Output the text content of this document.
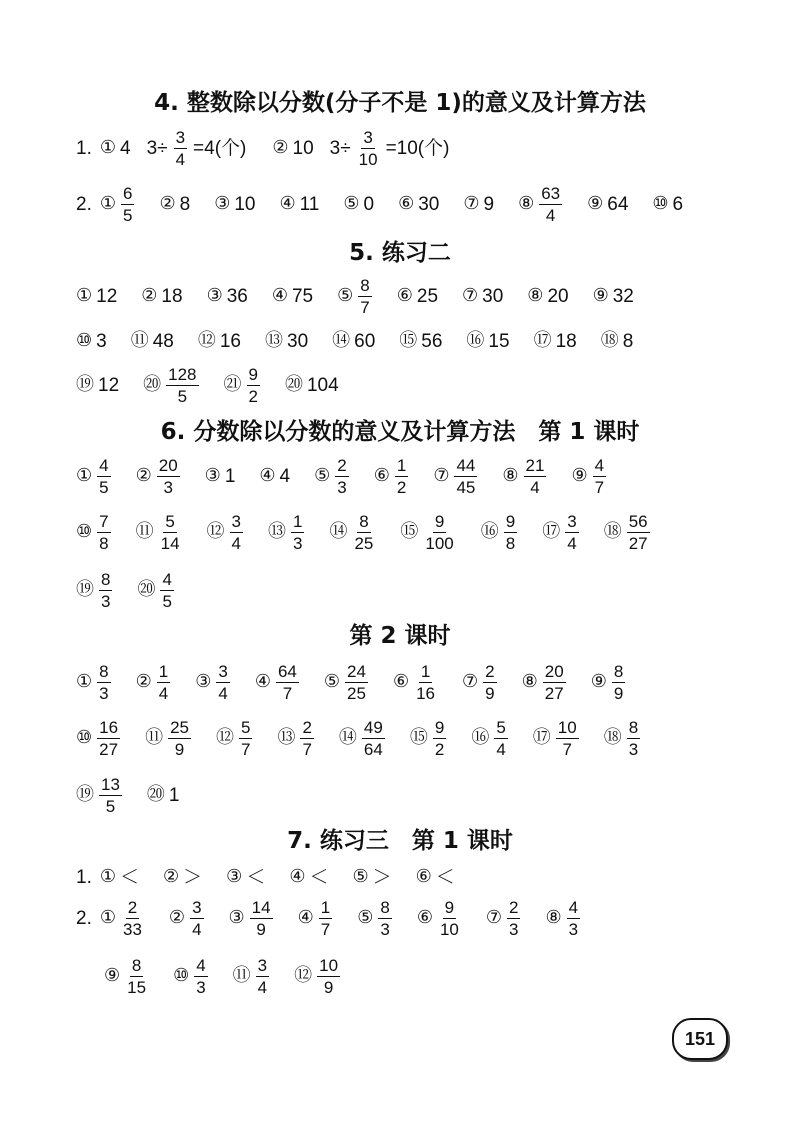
4. 整数除以分数(分子不是 1)的意义及计算方法
1. ① 4 $3\div \frac{3}{4} =4$(个) ② 10 $3\div \frac{3}{10} =10$(个)
2. ① $\frac{6}{5}$ ② 8 ③ 10 ④ 11 ⑤ 0 ⑥ 30 ⑦ 9 ⑧ $\frac{63}{4}$ ⑨ 64 ⑩ 6
5. 练习二
① 12 ② 18 ③ 36 ④ 75 ⑤ $\frac{8}{7}$ ⑥ 25 ⑦ 30 ⑧ 20 ⑨ 32
⑩ 3 ⑪ 48 ⑫ 16 ⑬ 30 ⑭ 60 ⑮ 56 ⑯ 15 ⑰ 18 ⑱ 8
⑲ 12 ⑳ $\frac{128}{5}$ ㉑ $\frac{9}{2}$ ⑳ 104
6. 分数除以分数的意义及计算方法　第 1 课时
① $\frac{4}{5}$ ② $\frac{20}{3}$ ③ 1 ④ 4 ⑤ $\frac{2}{3}$ ⑥ $\frac{1}{2}$ ⑦ $\frac{44}{45}$ ⑧ $\frac{21}{4}$ ⑨ $\frac{4}{7}$
⑩ $\frac{7}{8}$ ⑪ $\frac{5}{14}$ ⑫ $\frac{3}{4}$ ⑬ $\frac{1}{3}$ ⑭ $\frac{8}{25}$ ⑮ $\frac{9}{100}$ ⑯ $\frac{9}{8}$ ⑰ $\frac{3}{4}$ ⑱ $\frac{56}{27}$
⑲ $\frac{8}{3}$ ⑳ $\frac{4}{5}$
第 2 课时
① $\frac{8}{3}$ ② $\frac{1}{4}$ ③ $\frac{3}{4}$ ④ $\frac{64}{7}$ ⑤ $\frac{24}{25}$ ⑥ $\frac{1}{16}$ ⑦ $\frac{2}{9}$ ⑧ $\frac{20}{27}$ ⑨ $\frac{8}{9}$
⑩ $\frac{16}{27}$ ⑪ $\frac{25}{9}$ ⑫ $\frac{5}{7}$ ⑬ $\frac{2}{7}$ ⑭ $\frac{49}{64}$ ⑮ $\frac{9}{2}$ ⑯ $\frac{5}{4}$ ⑰ $\frac{10}{7}$ ⑱ $\frac{8}{3}$
⑲ $\frac{13}{5}$ ⑳ 1
7. 练习三　第 1 课时
1. ① ＜ ② ＞ ③ ＜ ④ ＜ ⑤ ＞ ⑥ ＜
2. ① $\frac{2}{33}$ ② $\frac{3}{4}$ ③ $\frac{14}{9}$ ④ $\frac{1}{7}$ ⑤ $\frac{8}{3}$ ⑥ $\frac{9}{10}$ ⑦ $\frac{2}{3}$ ⑧ $\frac{4}{3}$
⑨ $\frac{8}{15}$ ⑩ $\frac{4}{3}$ ⑪ $\frac{3}{4}$ ⑫ $\frac{10}{9}$
151
